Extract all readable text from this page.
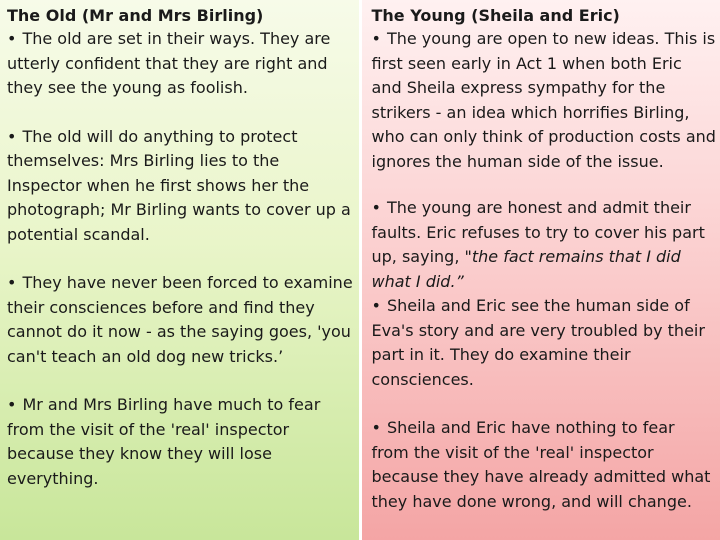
The Old (Mr and Mrs Birling)

• The old are set in their ways. They are utterly confident that they are right and they see the young as foolish.

• The old will do anything to protect themselves: Mrs Birling lies to the Inspector when he first shows her the photograph; Mr Birling wants to cover up a potential scandal.

• They have never been forced to examine their consciences before and find they cannot do it now - as the saying goes, 'you can't teach an old dog new tricks.’

• Mr and Mrs Birling have much to fear from the visit of the 'real' inspector because they know they will lose everything.

The Young (Sheila and Eric)

• The young are open to new ideas. This is first seen early in Act 1 when both Eric and Sheila express sympathy for the strikers - an idea which horrifies Birling, who can only think of production costs and ignores the human side of the issue.

• The young are honest and admit their faults. Eric refuses to try to cover his part up, saying, "the fact remains that I did what I did.”

• Sheila and Eric see the human side of Eva's story and are very troubled by their part in it. They do examine their consciences.

• Sheila and Eric have nothing to fear from the visit of the 'real' inspector because they have already admitted what they have done wrong, and will change.
